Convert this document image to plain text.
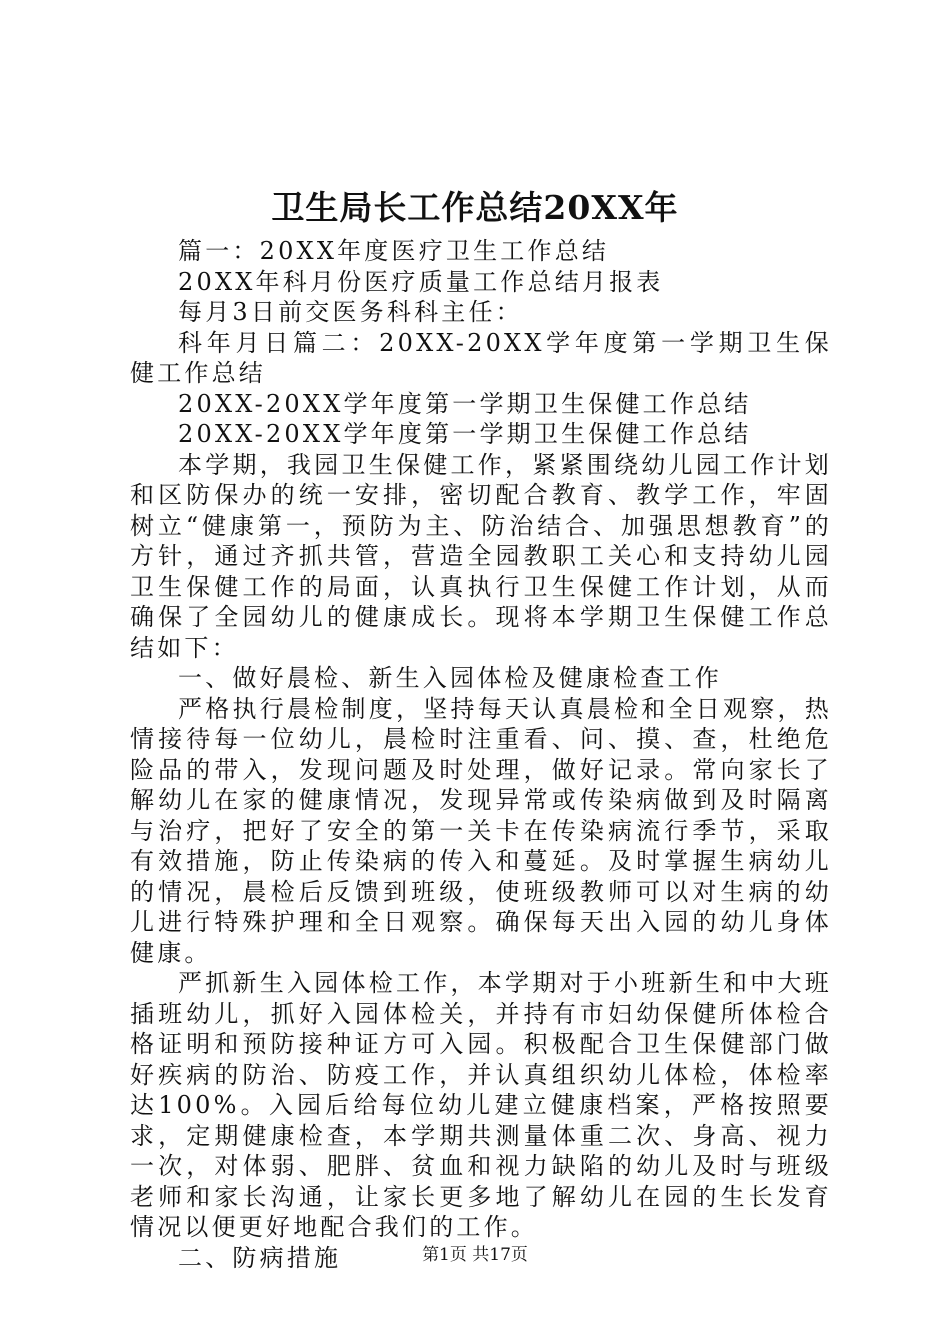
卫生局长工作总结20XX年

篇一：20XX年度医疗卫生工作总结

20XX年科月份医疗质量工作总结月报表

每月3日前交医务科科主任：

科年月日篇二：20XX-20XX学年度第一学期卫生保健工作总结

20XX-20XX学年度第一学期卫生保健工作总结

20XX-20XX学年度第一学期卫生保健工作总结

本学期，我园卫生保健工作，紧紧围绕幼儿园工作计划和区防保办的统一安排，密切配合教育、教学工作，牢固树立“健康第一，预防为主、防治结合、加强思想教育”的方针，通过齐抓共管，营造全园教职工关心和支持幼儿园卫生保健工作的局面，认真执行卫生保健工作计划，从而确保了全园幼儿的健康成长。现将本学期卫生保健工作总结如下：

一、做好晨检、新生入园体检及健康检查工作

严格执行晨检制度，坚持每天认真晨检和全日观察，热情接待每一位幼儿，晨检时注重看、问、摸、查，杜绝危险品的带入，发现问题及时处理，做好记录。常向家长了解幼儿在家的健康情况，发现异常或传染病做到及时隔离与治疗，把好了安全的第一关卡在传染病流行季节，采取有效措施，防止传染病的传入和蔓延。及时掌握生病幼儿的情况，晨检后反馈到班级，使班级教师可以对生病的幼儿进行特殊护理和全日观察。确保每天出入园的幼儿身体健康。

严抓新生入园体检工作，本学期对于小班新生和中大班插班幼儿，抓好入园体检关，并持有市妇幼保健所体检合格证明和预防接种证方可入园。积极配合卫生保健部门做好疾病的防治、防疫工作，并认真组织幼儿体检，体检率达100%。入园后给每位幼儿建立健康档案，严格按照要求，定期健康检查，本学期共测量体重二次、身高、视力一次，对体弱、肥胖、贫血和视力缺陷的幼儿及时与班级老师和家长沟通，让家长更多地了解幼儿在园的生长发育情况以便更好地配合我们的工作。

二、防病措施	第1页 共17页
